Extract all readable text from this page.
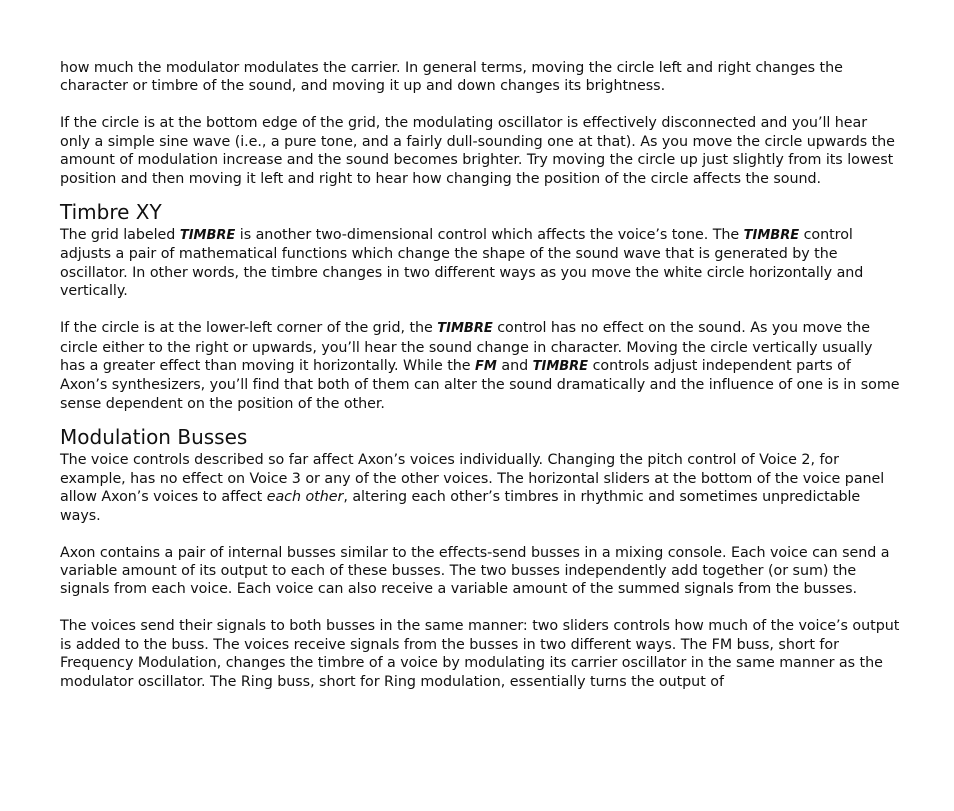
how much the modulator modulates the carrier. In general terms, moving the circle left and right changes the character or timbre of the sound, and moving it up and down changes its brightness.

If the circle is at the bottom edge of the grid, the modulating oscillator is effectively disconnected and you’ll hear only a simple sine wave (i.e., a pure tone, and a fairly dull-sounding one at that). As you move the circle upwards the amount of modulation increase and the sound becomes brighter. Try moving the circle up just slightly from its lowest position and then moving it left and right to hear how changing the position of the circle affects the sound.

Timbre XY

The grid labeled TIMBRE is another two-dimensional control which affects the voice’s tone. The TIMBRE control adjusts a pair of mathematical functions which change the shape of the sound wave that is generated by the oscillator. In other words, the timbre changes in two different ways as you move the white circle horizontally and vertically.

If the circle is at the lower-left corner of the grid, the TIMBRE control has no effect on the sound. As you move the circle either to the right or upwards, you’ll hear the sound change in character. Moving the circle vertically usually has a greater effect than moving it horizontally. While the FM and TIMBRE controls adjust independent parts of Axon’s synthesizers, you’ll find that both of them can alter the sound dramatically and the influence of one is in some sense dependent on the position of the other.

Modulation Busses

The voice controls described so far affect Axon’s voices individually. Changing the pitch control of Voice 2, for example, has no effect on Voice 3 or any of the other voices. The horizontal sliders at the bottom of the voice panel allow Axon’s voices to affect each other, altering each other’s timbres in rhythmic and sometimes unpredictable ways.

Axon contains a pair of internal busses similar to the effects-send busses in a mixing console. Each voice can send a variable amount of its output to each of these busses. The two busses independently add together (or sum) the signals from each voice. Each voice can also receive a variable amount of the summed signals from the busses.

The voices send their signals to both busses in the same manner: two sliders controls how much of the voice’s output is added to the buss. The voices receive signals from the busses in two different ways. The FM buss, short for Frequency Modulation, changes the timbre of a voice by modulating its carrier oscillator in the same manner as the modulator oscillator. The Ring buss, short for Ring modulation, essentially turns the output of
